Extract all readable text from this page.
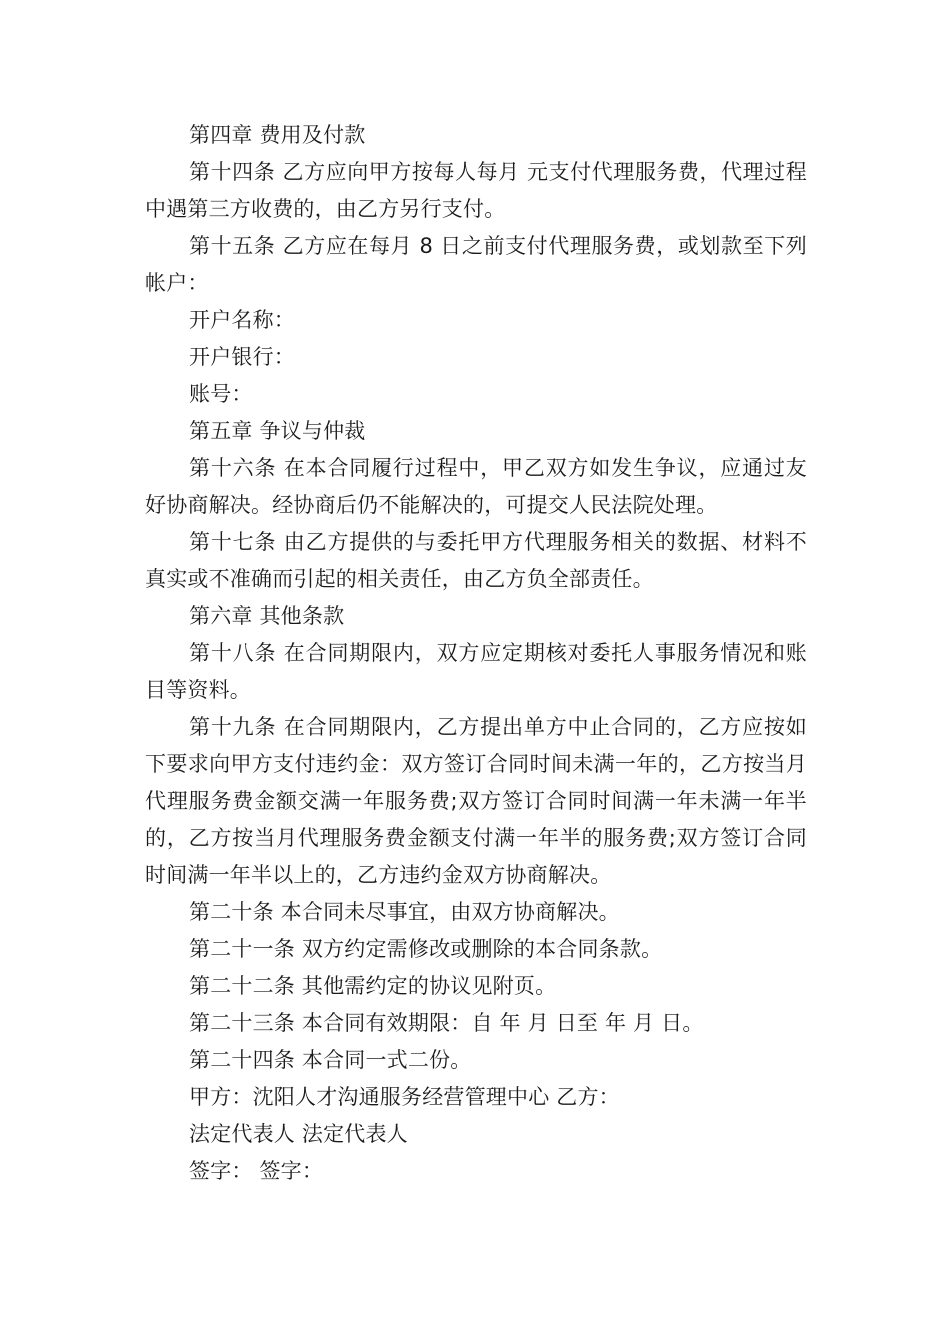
第四章 费用及付款

第十四条 乙方应向甲方按每人每月 元支付代理服务费，代理过程中遇第三方收费的，由乙方另行支付。

第十五条 乙方应在每月 8 日之前支付代理服务费，或划款至下列帐户：

开户名称：

开户银行：

账号：

第五章 争议与仲裁

第十六条 在本合同履行过程中，甲乙双方如发生争议，应通过友好协商解决。经协商后仍不能解决的，可提交人民法院处理。

第十七条 由乙方提供的与委托甲方代理服务相关的数据、材料不真实或不准确而引起的相关责任，由乙方负全部责任。

第六章 其他条款

第十八条 在合同期限内，双方应定期核对委托人事服务情况和账目等资料。

第十九条 在合同期限内，乙方提出单方中止合同的，乙方应按如下要求向甲方支付违约金：双方签订合同时间未满一年的，乙方按当月代理服务费金额交满一年服务费;双方签订合同时间满一年未满一年半的，乙方按当月代理服务费金额支付满一年半的服务费;双方签订合同时间满一年半以上的，乙方违约金双方协商解决。

第二十条 本合同未尽事宜，由双方协商解决。

第二十一条 双方约定需修改或删除的本合同条款。

第二十二条 其他需约定的协议见附页。

第二十三条 本合同有效期限：自 年 月 日至 年 月 日。

第二十四条 本合同一式二份。

甲方：沈阳人才沟通服务经营管理中心 乙方：

法定代表人 法定代表人

签字： 签字：
